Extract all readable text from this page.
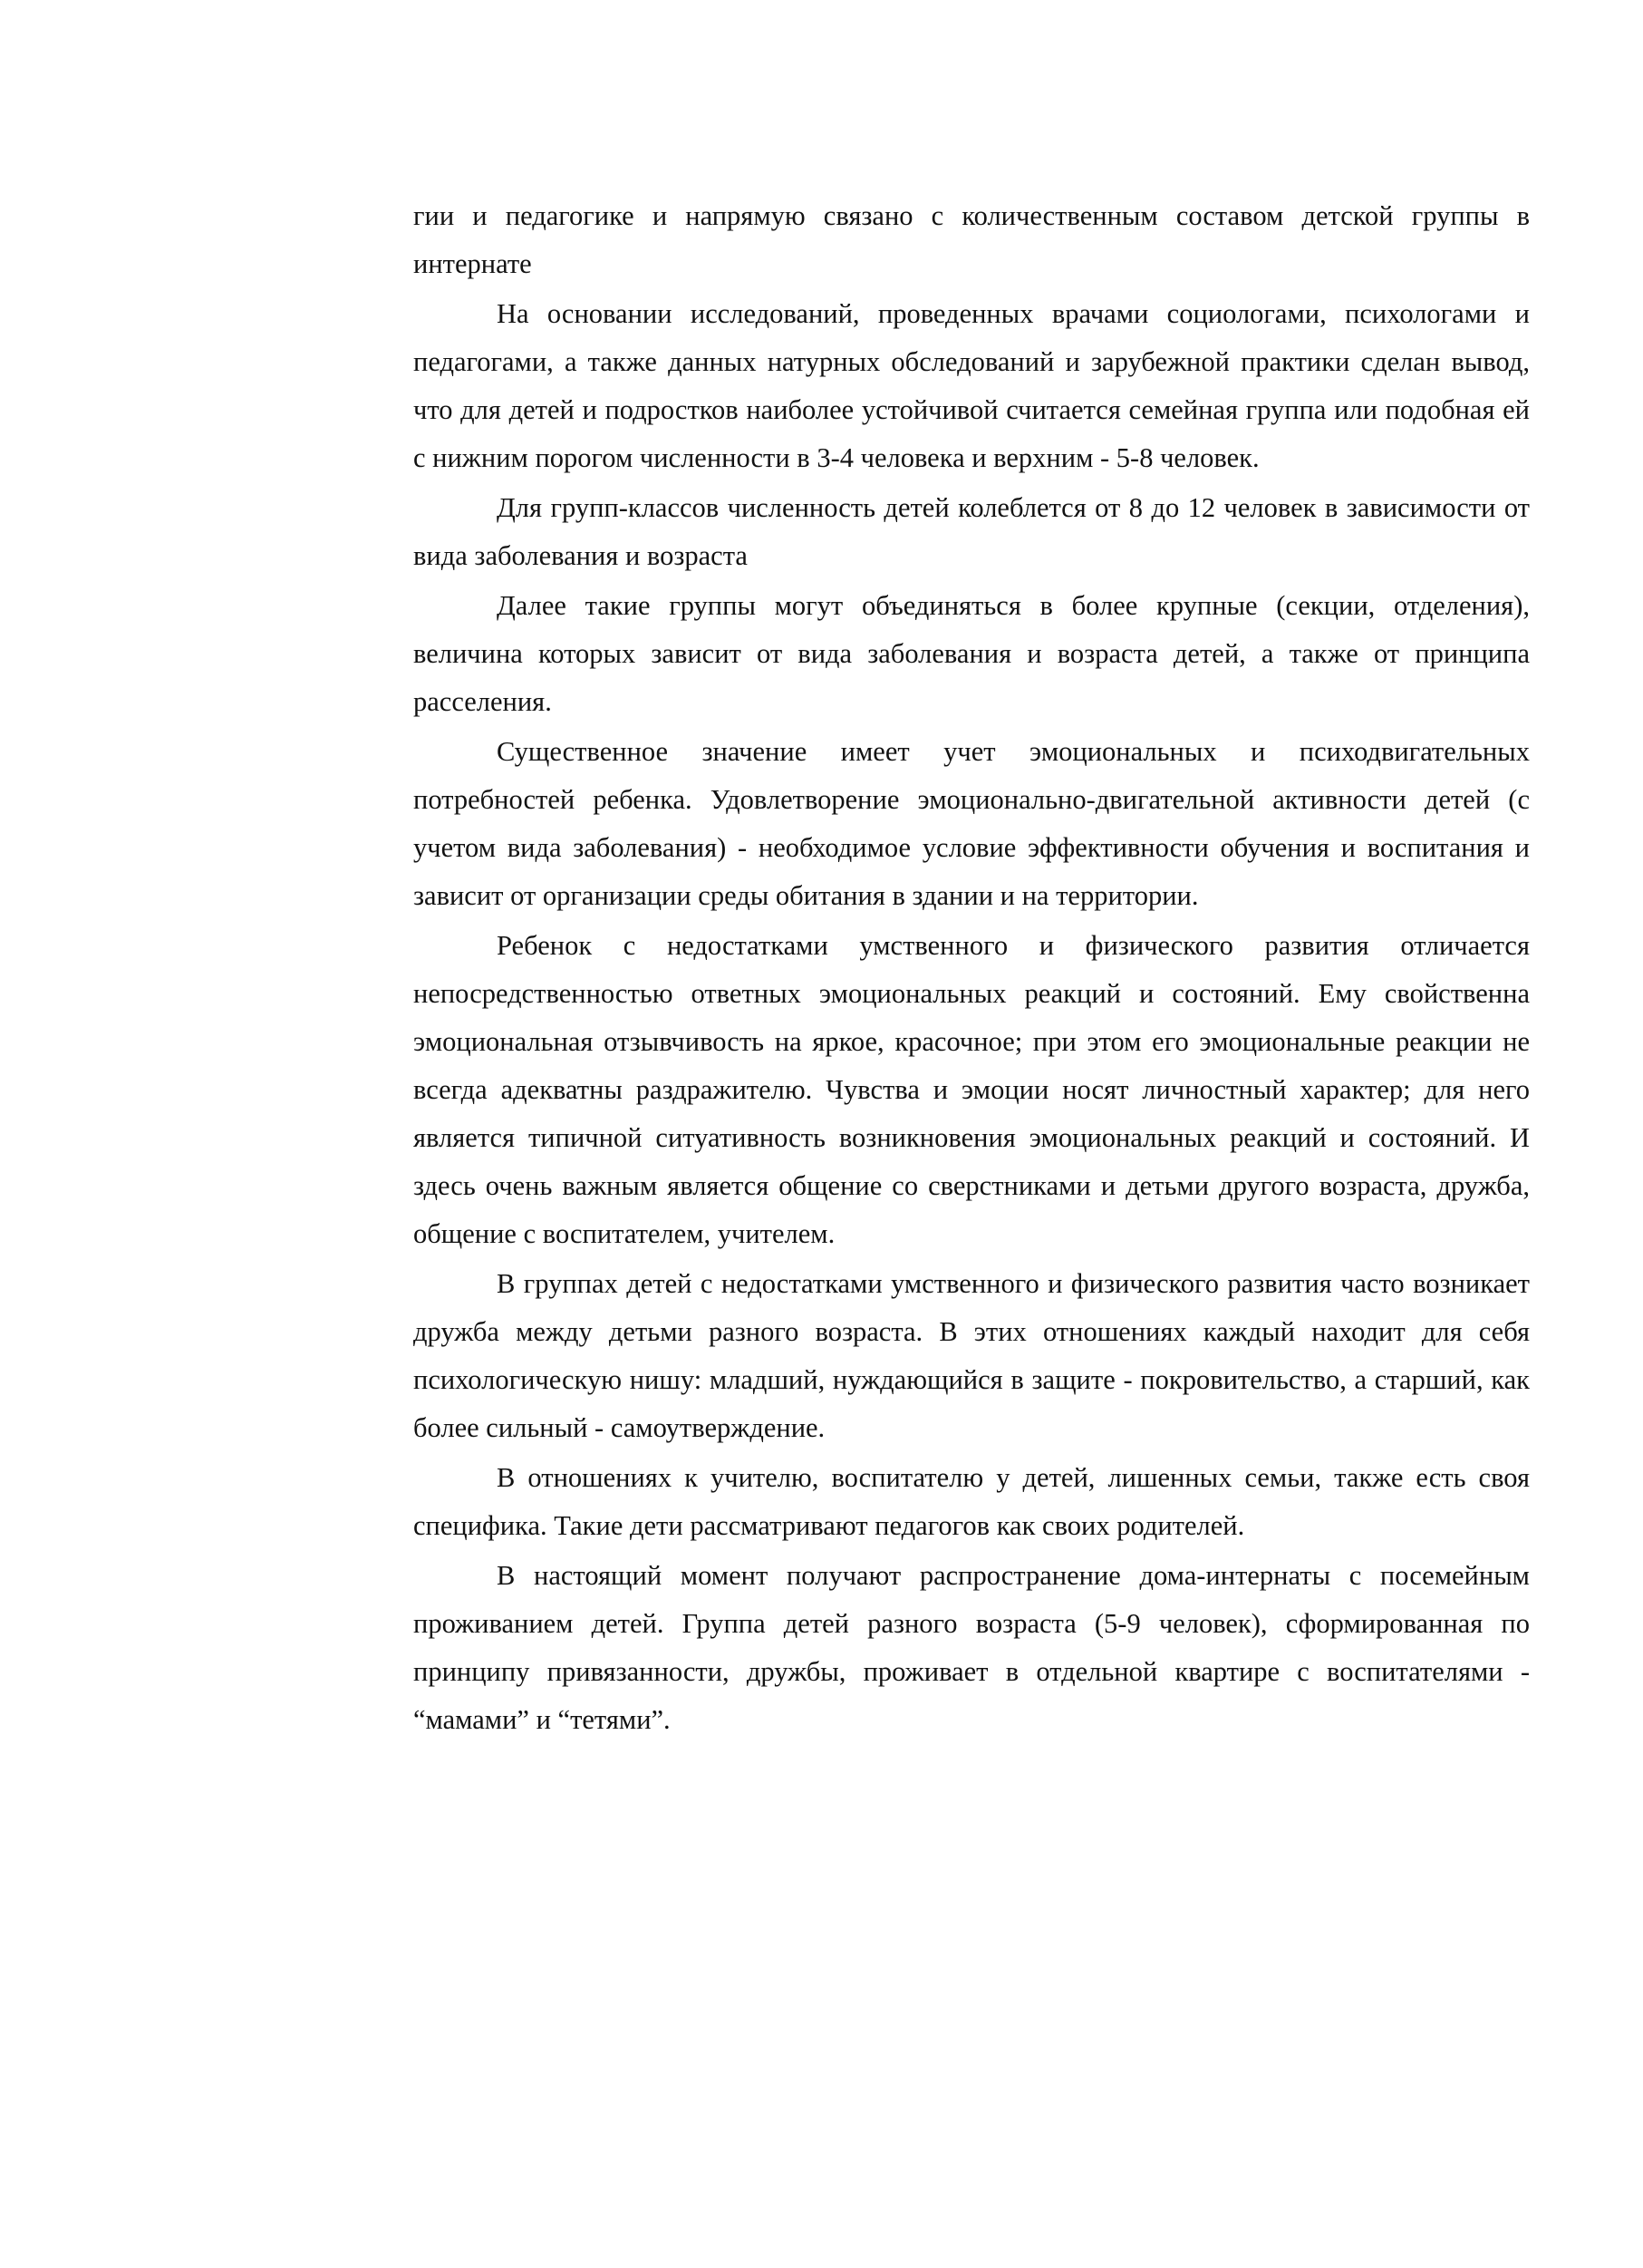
гии и педагогике и напрямую связано с количественным составом детской группы в интернате

На основании исследований, проведенных врачами социологами, психологами и педагогами, а также данных натурных обследований и зарубежной практики сделан вывод, что для детей и подростков наиболее устойчивой считается семейная группа или подобная ей с нижним порогом численности в 3-4 человека и верхним - 5-8 человек.

Для групп-классов численность детей колеблется от 8 до 12 человек в зависимости от вида заболевания и возраста

Далее такие группы могут объединяться в более крупные (секции, отделения), величина которых зависит от вида заболевания и возраста детей, а также от принципа расселения.

Существенное значение имеет учет эмоциональных и психодвигательных потребностей ребенка. Удовлетворение эмоционально-двигательной активности детей (с учетом вида заболевания) - необходимое условие эффективности обучения и воспитания и зависит от организации среды обитания в здании и на территории.

Ребенок с недостатками умственного и физического развития отличается непосредственностью ответных эмоциональных реакций и состояний. Ему свойственна эмоциональная отзывчивость на яркое, красочное; при этом его эмоциональные реакции не всегда адекватны раздражителю. Чувства и эмоции носят личностный характер; для него является типичной ситуативность возникновения эмоциональных реакций и состояний. И здесь очень важным является общение со сверстниками и детьми другого возраста, дружба, общение с воспитателем, учителем.

В группах детей с недостатками умственного и физического развития часто возникает дружба между детьми разного возраста. В этих отношениях каждый находит для себя психологическую нишу: младший, нуждающийся в защите - покровительство, а старший, как более сильный - самоутверждение.

В отношениях к учителю, воспитателю у детей, лишенных семьи, также есть своя специфика. Такие дети рассматривают педагогов как своих родителей.

В настоящий момент получают распространение дома-интернаты с посемейным проживанием детей. Группа детей разного возраста (5-9 человек), сформированная по принципу привязанности, дружбы, проживает в отдельной квартире с воспитателями - “мамами” и “тетями”.
